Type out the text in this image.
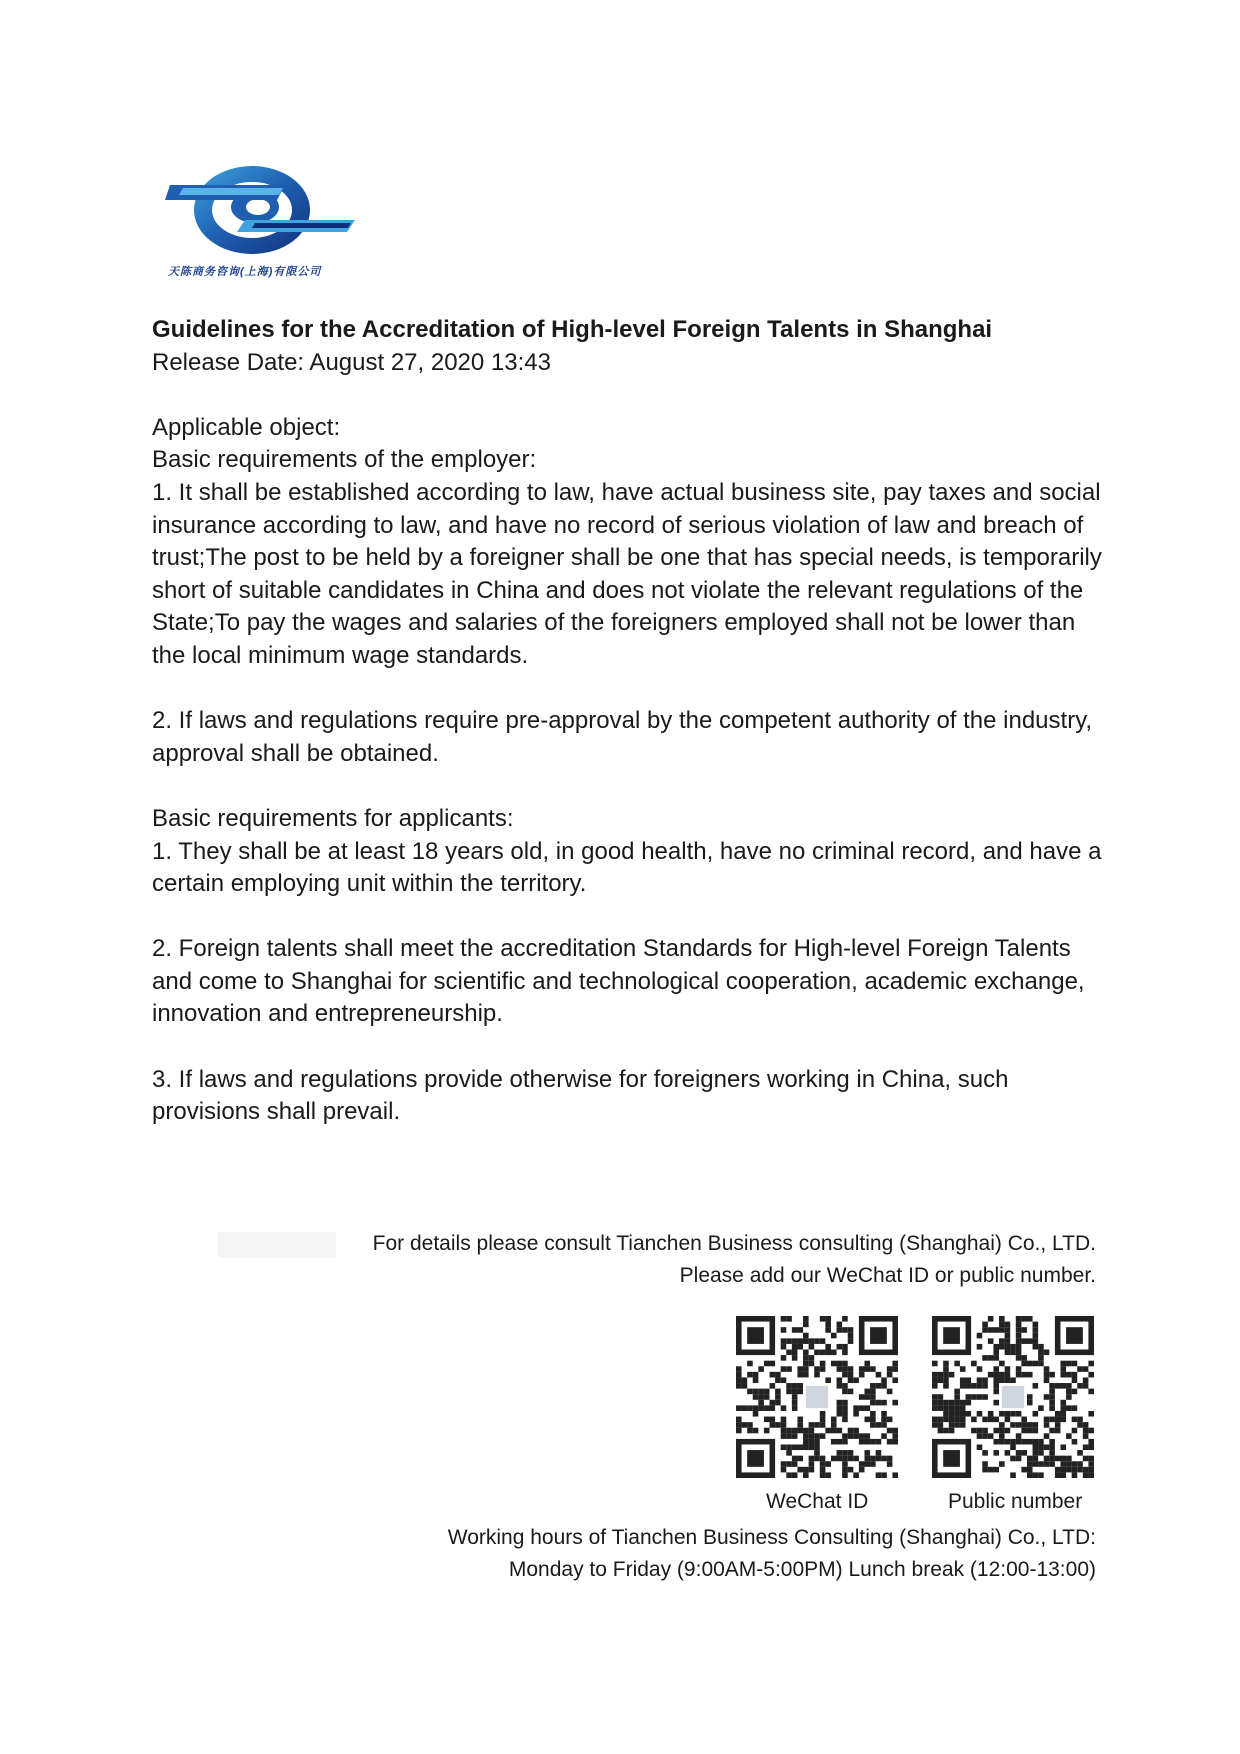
天陈商务咨询(上海)有限公司

Guidelines for the Accreditation of High-level Foreign Talents in Shanghai

Release Date: August 27, 2020 13:43

Applicable object:

Basic requirements of the employer:

1. It shall be established according to law, have actual business site, pay taxes and social insurance according to law, and have no record of serious violation of law and breach of trust;The post to be held by a foreigner shall be one that has special needs, is temporarily short of suitable candidates in China and does not violate the relevant regulations of the State;To pay the wages and salaries of the foreigners employed shall not be lower than the local minimum wage standards.

2. If laws and regulations require pre-approval by the competent authority of the industry, approval shall be obtained.

Basic requirements for applicants:

1. They shall be at least 18 years old, in good health, have no criminal record, and have a certain employing unit within the territory.

2. Foreign talents shall meet the accreditation Standards for High-level Foreign Talents and come to Shanghai for scientific and technological cooperation, academic exchange, innovation and entrepreneurship.

3. If laws and regulations provide otherwise for foreigners working in China, such provisions shall prevail.

For details please consult Tianchen Business consulting (Shanghai) Co., LTD.
Please add our WeChat ID or public number.
WeChat ID	Public number
Working hours of Tianchen Business Consulting (Shanghai) Co., LTD:
Monday to Friday (9:00AM-5:00PM) Lunch break (12:00-13:00)
